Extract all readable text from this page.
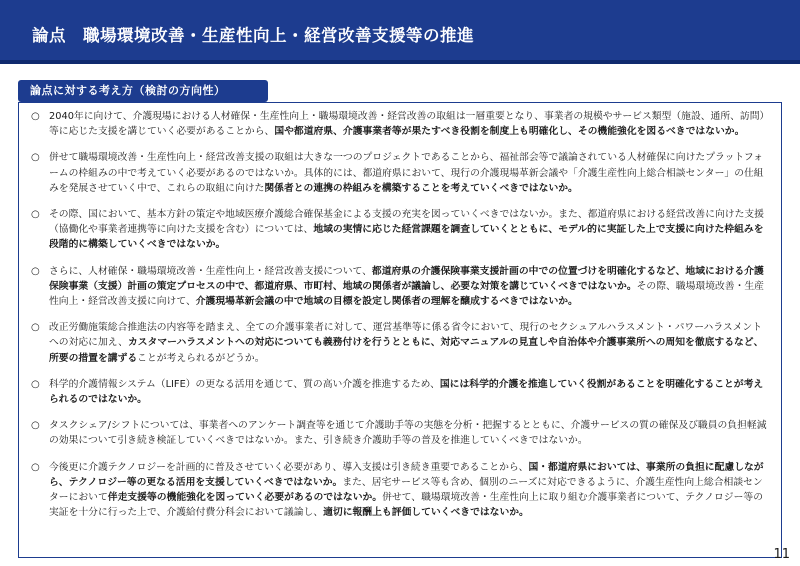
論点　職場環境改善・生産性向上・経営改善支援等の推進
論点に対する考え方（検討の方向性）
○ 2040年に向けて、介護現場における人材確保・生産性向上・職場環境改善・経営改善の取組は一層重要となり、事業者の規模やサービス類型（施設、通所、訪問）等に応じた支援を講じていく必要があることから、国や都道府県、介護事業者等が果たすべき役割を制度上も明確化し、その機能強化を図るべきではないか。
○ 併せて職場環境改善・生産性向上・経営改善支援の取組は大きな一つのプロジェクトであることから、福祉部会等で議論されている人材確保に向けたプラットフォームの枠組みの中で考えていく必要があるのではないか。具体的には、都道府県において、現行の介護現場革新会議や「介護生産性向上総合相談センター」の仕組みを発展させていく中で、これらの取組に向けた関係者との連携の枠組みを構築することを考えていくべきではないか。
○ その際、国において、基本方針の策定や地域医療介護総合確保基金による支援の充実を図っていくべきではないか。また、都道府県における経営改善に向けた支援（協働化や事業者連携等に向けた支援を含む）については、地域の実情に応じた経営課題を調査していくとともに、モデル的に実証した上で支援に向けた枠組みを段階的に構築していくべきではないか。
○ さらに、人材確保・職場環境改善・生産性向上・経営改善支援について、都道府県の介護保険事業支援計画の中での位置づけを明確化するなど、地域における介護保険事業（支援）計画の策定プロセスの中で、都道府県、市町村、地域の関係者が議論し、必要な対策を講じていくべきではないか。その際、職場環境改善・生産性向上・経営改善支援に向けて、介護現場革新会議の中で地域の目標を設定し関係者の理解を醸成するべきではないか。
○ 改正労働施策総合推進法の内容等を踏まえ、全ての介護事業者に対して、運営基準等に係る省令において、現行のセクシュアルハラスメント・パワーハラスメントへの対応に加え、カスタマーハラスメントへの対応についても義務付けを行うとともに、対応マニュアルの見直しや自治体や介護事業所への周知を徹底するなど、所要の措置を講ずることが考えられるがどうか。
○ 科学的介護情報システム（LIFE）の更なる活用を通じて、質の高い介護を推進するため、国には科学的介護を推進していく役割があることを明確化することが考えられるのではないか。
○ タスクシェア/シフトについては、事業者へのアンケート調査等を通じて介護助手等の実態を分析・把握するとともに、介護サービスの質の確保及び職員の負担軽減の効果について引き続き検証していくべきではないか。また、引き続き介護助手等の普及を推進していくべきではないか。
○ 今後更に介護テクノロジーを計画的に普及させていく必要があり、導入支援は引き続き重要であることから、国・都道府県においては、事業所の負担に配慮しながら、テクノロジー等の更なる活用を支援していくべきではないか。また、居宅サービス等も含め、個別のニーズに対応できるように、介護生産性向上総合相談センターにおいて伴走支援等の機能強化を図っていく必要があるのではないか。併せて、職場環境改善・生産性向上に取り組む介護事業者について、テクノロジー等の実証を十分に行った上で、介護給付費分科会において議論し、適切に報酬上も評価していくべきではないか。
11
